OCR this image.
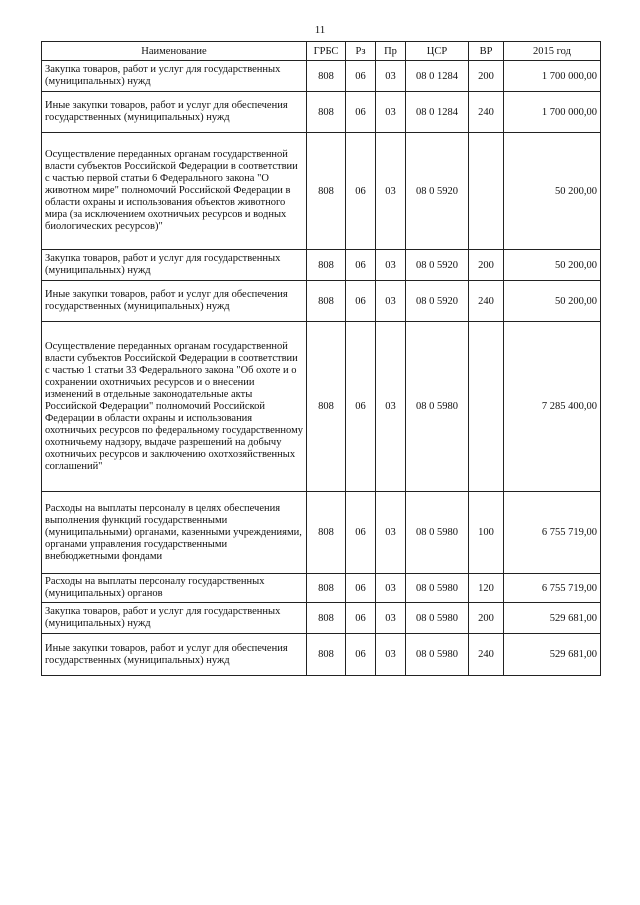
11
Наименование	ГРБС	Рз	Пр	ЦСР	ВР	2015 год
Закупка товаров, работ и услуг для государственных (муниципальных) нужд	808	06	03	08 0 1284	200	1 700 000,00
Иные закупки товаров, работ и услуг для обеспечения государственных (муниципальных) нужд	808	06	03	08 0 1284	240	1 700 000,00
Осуществление переданных органам государственной власти субъектов Российской Федерации в соответствии с частью первой статьи 6 Федерального закона "О животном мире" полномочий Российской Федерации в области охраны и использования объектов животного мира (за исключением охотничьих ресурсов и водных биологических ресурсов)"	808	06	03	08 0 5920		50 200,00
Закупка товаров, работ и услуг для государственных (муниципальных) нужд	808	06	03	08 0 5920	200	50 200,00
Иные закупки товаров, работ и услуг для обеспечения государственных (муниципальных) нужд	808	06	03	08 0 5920	240	50 200,00
Осуществление переданных органам государственной власти субъектов Российской Федерации в соответствии с частью 1 статьи 33 Федерального закона "Об охоте и о сохранении охотничьих ресурсов и о внесении изменений в отдельные законодательные акты Российской Федерации" полномочий Российской Федерации в области охраны и использования охотничьих ресурсов по федеральному государственному охотничьему надзору, выдаче разрешений на добычу охотничьих ресурсов и заключению охотхозяйственных соглашений"	808	06	03	08 0 5980		7 285 400,00
Расходы на выплаты персоналу в целях обеспечения выполнения функций государственными (муниципальными) органами, казенными учреждениями, органами управления государственными внебюджетными фондами	808	06	03	08 0 5980	100	6 755 719,00
Расходы на выплаты персоналу государственных (муниципальных) органов	808	06	03	08 0 5980	120	6 755 719,00
Закупка товаров, работ и услуг для государственных (муниципальных) нужд	808	06	03	08 0 5980	200	529 681,00
Иные закупки товаров, работ и услуг для обеспечения государственных (муниципальных) нужд	808	06	03	08 0 5980	240	529 681,00
